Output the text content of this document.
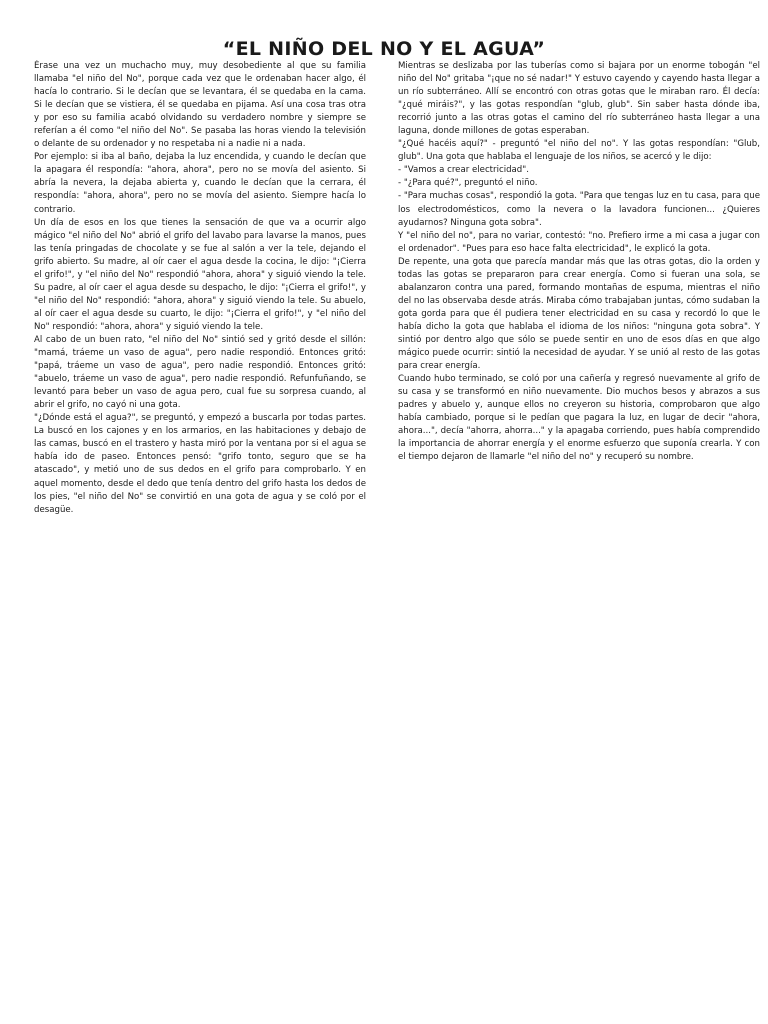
“EL NIÑO DEL NO Y EL AGUA”

Érase una vez un muchacho muy, muy desobediente al que su familia llamaba "el niño del No", porque cada vez que le ordenaban hacer algo, él hacía lo contrario. Si le decían que se levantara, él se quedaba en la cama. Si le decían que se vistiera, él se quedaba en pijama. Así una cosa tras otra y por eso su familia acabó olvidando su verdadero nombre y siempre se referían a él como "el niño del No". Se pasaba las horas viendo la televisión o delante de su ordenador y no respetaba ni a nadie ni a nada.

Por ejemplo: si iba al baño, dejaba la luz encendida, y cuando le decían que la apagara él respondía: "ahora, ahora", pero no se movía del asiento. Si abría la nevera, la dejaba abierta y, cuando le decían que la cerrara, él respondía: "ahora, ahora", pero no se movía del asiento. Siempre hacía lo contrario.

Un día de esos en los que tienes la sensación de que va a ocurrir algo mágico "el niño del No" abrió el grifo del lavabo para lavarse la manos, pues las tenía pringadas de chocolate y se fue al salón a ver la tele, dejando el grifo abierto. Su madre, al oír caer el agua desde la cocina, le dijo: "¡Cierra el grifo!", y "el niño del No" respondió "ahora, ahora" y siguió viendo la tele. Su padre, al oír caer el agua desde su despacho, le dijo: "¡Cierra el grifo!", y "el niño del No" respondió: "ahora, ahora" y siguió viendo la tele. Su abuelo, al oír caer el agua desde su cuarto, le dijo: "¡Cierra el grifo!", y "el niño del No" respondió: "ahora, ahora" y siguió viendo la tele.

Al cabo de un buen rato, "el niño del No" sintió sed y gritó desde el sillón: "mamá, tráeme un vaso de agua", pero nadie respondió. Entonces gritó: "papá, tráeme un vaso de agua", pero nadie respondió. Entonces gritó: "abuelo, tráeme un vaso de agua", pero nadie respondió. Refunfuñando, se levantó para beber un vaso de agua pero, cual fue su sorpresa cuando, al abrir el grifo, no cayó ni una gota.

"¿Dónde está el agua?", se preguntó, y empezó a buscarla por todas partes. La buscó en los cajones y en los armarios, en las habitaciones y debajo de las camas, buscó en el trastero y hasta miró por la ventana por si el agua se había ido de paseo. Entonces pensó: "grifo tonto, seguro que se ha atascado", y metió uno de sus dedos en el grifo para comprobarlo. Y en aquel momento, desde el dedo que tenía dentro del grifo hasta los dedos de los pies, "el niño del No" se convirtió en una gota de agua y se coló por el desagüe.

Mientras se deslizaba por las tuberías como si bajara por un enorme tobogán "el niño del No" gritaba "¡que no sé nadar!" Y estuvo cayendo y cayendo hasta llegar a un río subterráneo. Allí se encontró con otras gotas que le miraban raro. Él decía: "¿qué miráis?", y las gotas respondían "glub, glub". Sin saber hasta dónde iba, recorrió junto a las otras gotas el camino del río subterráneo hasta llegar a una laguna, donde millones de gotas esperaban.

"¿Qué hacéis aquí?" - preguntó "el niño del no". Y las gotas respondían: "Glub, glub". Una gota que hablaba el lenguaje de los niños, se acercó y le dijo:

- "Vamos a crear electricidad".

- "¿Para qué?", preguntó el niño.

- "Para muchas cosas", respondió la gota. "Para que tengas luz en tu casa, para que los electrodomésticos, como la nevera o la lavadora funcionen... ¿Quieres ayudarnos? Ninguna gota sobra".

Y "el niño del no", para no variar, contestó: "no. Prefiero irme a mi casa a jugar con el ordenador". "Pues para eso hace falta electricidad", le explicó la gota.

De repente, una gota que parecía mandar más que las otras gotas, dio la orden y todas las gotas se prepararon para crear energía. Como si fueran una sola, se abalanzaron contra una pared, formando montañas de espuma, mientras el niño del no las observaba desde atrás. Miraba cómo trabajaban juntas, cómo sudaban la gota gorda para que él pudiera tener electricidad en su casa y recordó lo que le había dicho la gota que hablaba el idioma de los niños: "ninguna gota sobra". Y sintió por dentro algo que sólo se puede sentir en uno de esos días en que algo mágico puede ocurrir: sintió la necesidad de ayudar. Y se unió al resto de las gotas para crear energía.

Cuando hubo terminado, se coló por una cañería y regresó nuevamente al grifo de su casa y se transformó en niño nuevamente. Dio muchos besos y abrazos a sus padres y abuelo y, aunque ellos no creyeron su historia, comprobaron que algo había cambiado, porque si le pedían que pagara la luz, en lugar de decir "ahora, ahora...", decía "ahorra, ahorra..." y la apagaba corriendo, pues había comprendido la importancia de ahorrar energía y el enorme esfuerzo que suponía crearla. Y con el tiempo dejaron de llamarle "el niño del no" y recuperó su nombre.
